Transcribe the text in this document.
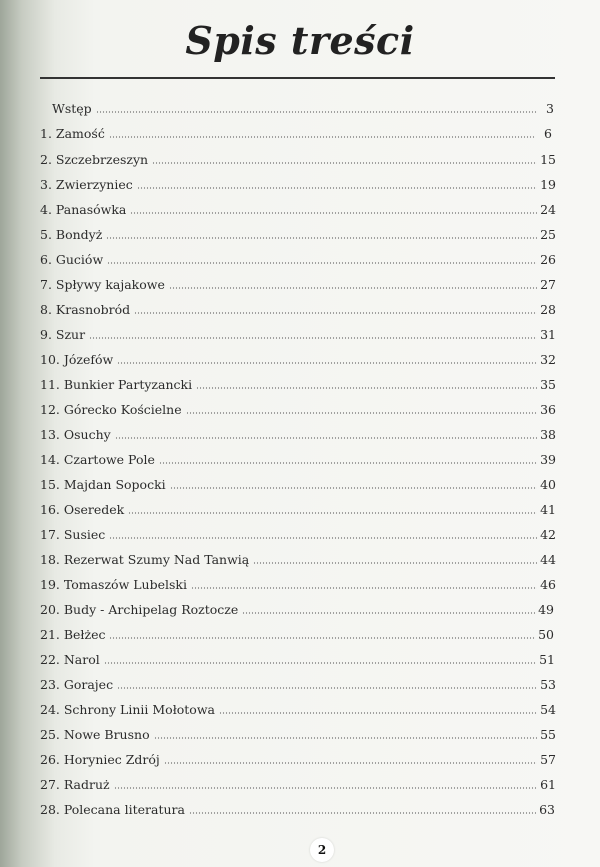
Spis treści
Wstęp	3
1. Zamość	6
2. Szczebrzeszyn	15
3. Zwierzyniec	19
4. Panasówka	24
5. Bondyż	25
6. Guciów	26
7. Spływy kajakowe	27
8. Krasnobród	28
9. Szur	31
10. Józefów	32
11. Bunkier Partyzancki	35
12. Górecko Kościelne	36
13. Osuchy	38
14. Czartowe Pole	39
15. Majdan Sopocki	40
16. Oseredek	41
17. Susiec	42
18. Rezerwat Szumy Nad Tanwią	44
19. Tomaszów Lubelski	46
20. Budy - Archipelag Roztocze	49
21. Bełżec	50
22. Narol	51
23. Gorajec	53
24. Schrony Linii Mołotowa	54
25. Nowe Brusno	55
26. Horyniec Zdrój	57
27. Radruż	61
28. Polecana literatura	63
2
